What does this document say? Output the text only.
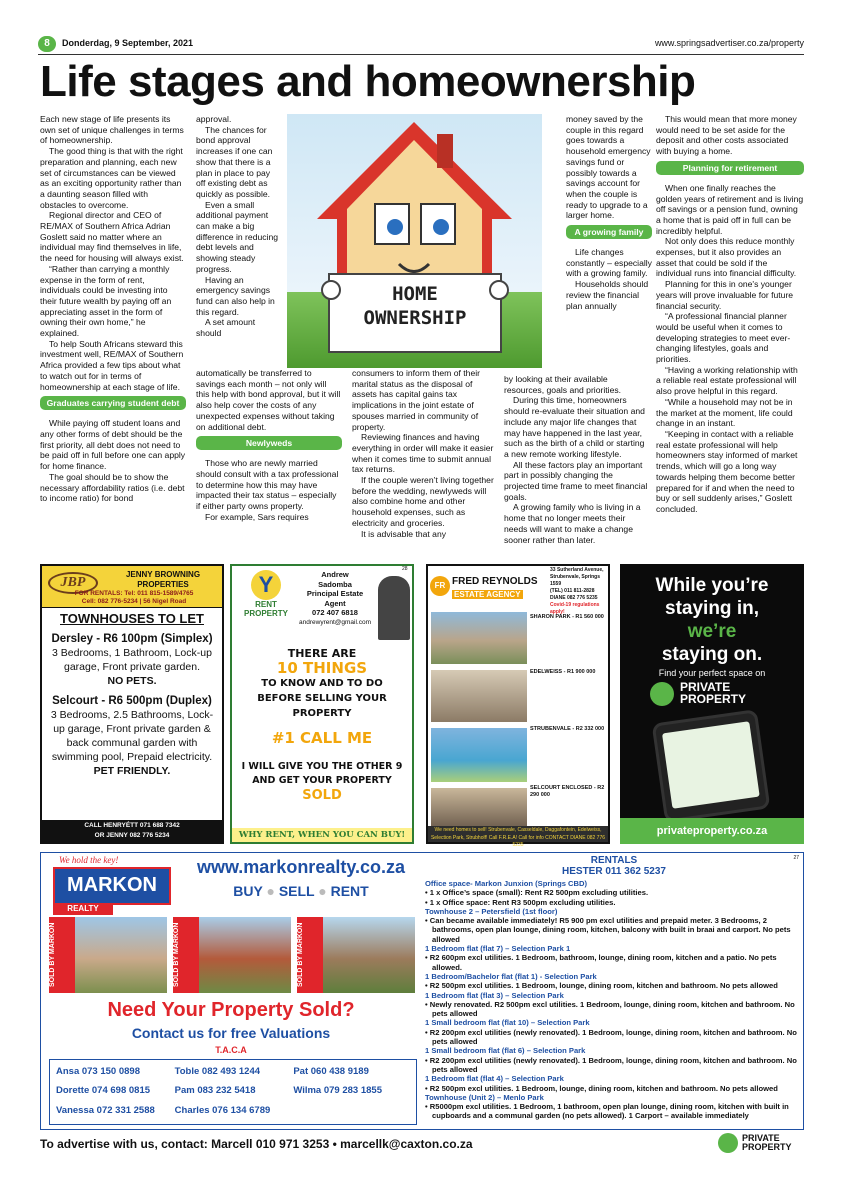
8	Donderdag, 9 September, 2021	www.springsadvertiser.co.za/property
Life stages and homeownership

Each new stage of life presents its own set of unique challenges in terms of homeownership.

The good thing is that with the right preparation and planning, each new set of circumstances can be viewed as an exciting opportunity rather than a daunting season filled with obstacles to overcome.

Regional director and CEO of RE/MAX of Southern Africa Adrian Goslett said no matter where an individual may find themselves in life, the need for housing will always exist.

“Rather than carrying a monthly expense in the form of rent, individuals could be investing into their future wealth by paying off an appreciating asset in the form of owning their own home,” he explained.

To help South Africans steward this investment well, RE/MAX of Southern Africa provided a few tips about what to watch out for in terms of homeownership at each stage of life.

Graduates carrying student debt

While paying off student loans and any other forms of debt should be the first priority, all debt does not need to be paid off in full before one can apply for home finance.

The goal should be to show the necessary affordability ratios (i.e. debt to income ratio) for bond

approval.

The chances for bond approval increases if one can show that there is a plan in place to pay off existing debt as quickly as possible.

Even a small additional payment can make a big difference in reducing debt levels and showing steady progress.

Having an emergency savings fund can also help in this regard.

A set amount should

automatically be transferred to savings each month – not only will this help with bond approval, but it will also help cover the costs of any unexpected expenses without taking on additional debt.

Newlyweds

Those who are newly married should consult with a tax professional to determine how this may have impacted their tax status – especially if either party owns property.

For example, Sars requires

HOME OWNERSHIP

consumers to inform them of their marital status as the disposal of assets has capital gains tax implications in the joint estate of spouses married in community of property.

Reviewing finances and having everything in order will make it easier when it comes time to submit annual tax returns.

If the couple weren’t living together before the wedding, newlyweds will also combine home and other household expenses, such as electricity and groceries.

It is advisable that any

money saved by the couple in this regard goes towards a household emergency savings fund or possibly towards a savings account for when the couple is ready to upgrade to a larger home.

A growing family

Life changes constantly – especially with a growing family.

Households should review the financial plan annually

by looking at their available resources, goals and priorities.

During this time, homeowners should re-evaluate their situation and include any major life changes that may have happened in the last year, such as the birth of a child or starting a new remote working lifestyle.

All these factors play an important part in possibly changing the projected time frame to meet financial goals.

A growing family who is living in a home that no longer meets their needs will want to make a change sooner rather than later.

This would mean that more money would need to be set aside for the deposit and other costs associated with buying a home.

Planning for retirement

When one finally reaches the golden years of retirement and is living off savings or a pension fund, owning a home that is paid off in full can be incredibly helpful.

Not only does this reduce monthly expenses, but it also provides an asset that could be sold if the individual runs into financial difficulty.

Planning for this in one's younger years will prove invaluable for future financial security.

“A professional financial planner would be useful when it comes to developing strategies to meet ever-changing lifestyles, goals and priorities.

“Having a working relationship with a reliable real estate professional will also prove helpful in this regard.

“While a household may not be in the market at the moment, life could change in an instant.

“Keeping in contact with a reliable real estate professional will help homeowners stay informed of market trends, which will go a long way towards helping them become better prepared for if and when the need to buy or sell suddenly arises,” Goslett concluded.

JBP
JENNY BROWNING
PROPERTIES
FOR RENTALS: Tel: 011 815-1589/4765
Cell: 082 776-5234 | 56 Nigel Road
TOWNHOUSES TO LET
Dersley - R6 100pm (Simplex)
3 Bedrooms, 1 Bathroom, Lock-up garage, Front private garden.
NO PETS.
Selcourt - R6 500pm (Duplex)
3 Bedrooms, 2.5 Bathrooms, Lock-up garage, Front private garden & back communal garden with swimming pool, Prepaid electricity.
PET FRIENDLY.
CALL HENRYÉTT 071 688 7342
OR JENNY 082 776 5234
Y
RENT
PROPERTY
Andrew
Sadomba
Principal Estate
Agent
072 407 6818
andrewyrent@gmail.com
28
THERE ARE
10 THINGS
TO KNOW AND TO DO BEFORE SELLING YOUR PROPERTY
#1 CALL ME
I WILL GIVE YOU THE OTHER 9 AND GET YOUR PROPERTY
SOLD
WHY RENT, WHEN YOU CAN BUY!
FR FRED REYNOLDS
ESTATE AGENCY
33 Sutherland Avenue,
Strubenvale, Springs 1559
(TEL) 011 811-2828
DIANE 082 776 5235
Covid-19 regulations apply!
SHARON PARK - R1 560 000
EDELWEISS - R1 900 000
STRUBENVALE - R2 332 000
SELCOURT ENCLOSED - R2 290 000
We need homes to sell! Strubenvale, Casseldale, Daggafontein, Edelweiss, Selection Park, Strubholf! Call F.R.E.A! Call for info CONTACT DIANE 082 776 5235
While you’re
staying in,
we’re
staying on.
Find your perfect space on
PRIVATE
PROPERTY
privateproperty.co.za
We hold the key!
MARKON
REALTY
www.markonrealty.co.za
BUY ● SELL ● RENT
SOLD BY MARKON	SOLD BY MARKON	SOLD BY MARKON
Need Your Property Sold?
Contact us for free Valuations
T.A.C.A
Ansa 073 150 0898	Toble 082 493 1244	Pat 060 438 9189
Dorette 074 698 0815	Pam 083 232 5418	Wilma 079 283 1855
Vanessa 072 331 2588	Charles 076 134 6789
RENTALS
HESTER 011 362 5237
Office space- Markon Junxion (Springs CBD)
• 1 x Office’s space (small): Rent R2 500pm excluding utilities.
• 1 x Office space: Rent R3 500pm excluding utilities.
Townhouse 2 – Petersfield (1st floor)
• Can became available immediately! R5 900 pm excl utilities and prepaid meter. 3 Bedrooms, 2 bathrooms, open plan lounge, dining room, kitchen, balcony with built in braai and carport. No pets allowed
1 Bedroom flat (flat 7) – Selection Park 1
• R2 600pm excl utilities. 1 Bedroom, bathroom, lounge, dining room, kitchen and a patio. No pets allowed.
1 Bedroom/Bachelor flat (flat 1) - Selection Park
• R2 500pm excl utilities. 1 Bedroom, lounge, dining room, kitchen and bathroom. No pets allowed
1 Bedroom flat (flat 3) – Selection Park
• Newly renovated. R2 500pm excl utilities. 1 Bedroom, lounge, dining room, kitchen and bathroom. No pets allowed
1 Small bedroom flat (flat 10) – Selection Park
• R2 200pm excl utilities (newly renovated). 1 Bedroom, lounge, dining room, kitchen and bathroom. No pets allowed
1 Small bedroom flat (flat 6) – Selection Park
• R2 200pm excl utilities (newly renovated). 1 Bedroom, lounge, dining room, kitchen and bathroom. No pets allowed
1 Bedroom flat (flat 4) – Selection Park
• R2 500pm excl utilities. 1 Bedroom, lounge, dining room, kitchen and bathroom. No pets allowed
Townhouse (Unit 2) – Menlo Park
• R5000pm excl utilities. 1 Bedroom, 1 bathroom, open plan lounge, dining room, kitchen with built in cupboards and a communal garden (no pets allowed). 1 Carport – available immediately
27
To advertise with us, contact: Marcell 010 971 3253 • marcellk@caxton.co.za	PRIVATE
PROPERTY
